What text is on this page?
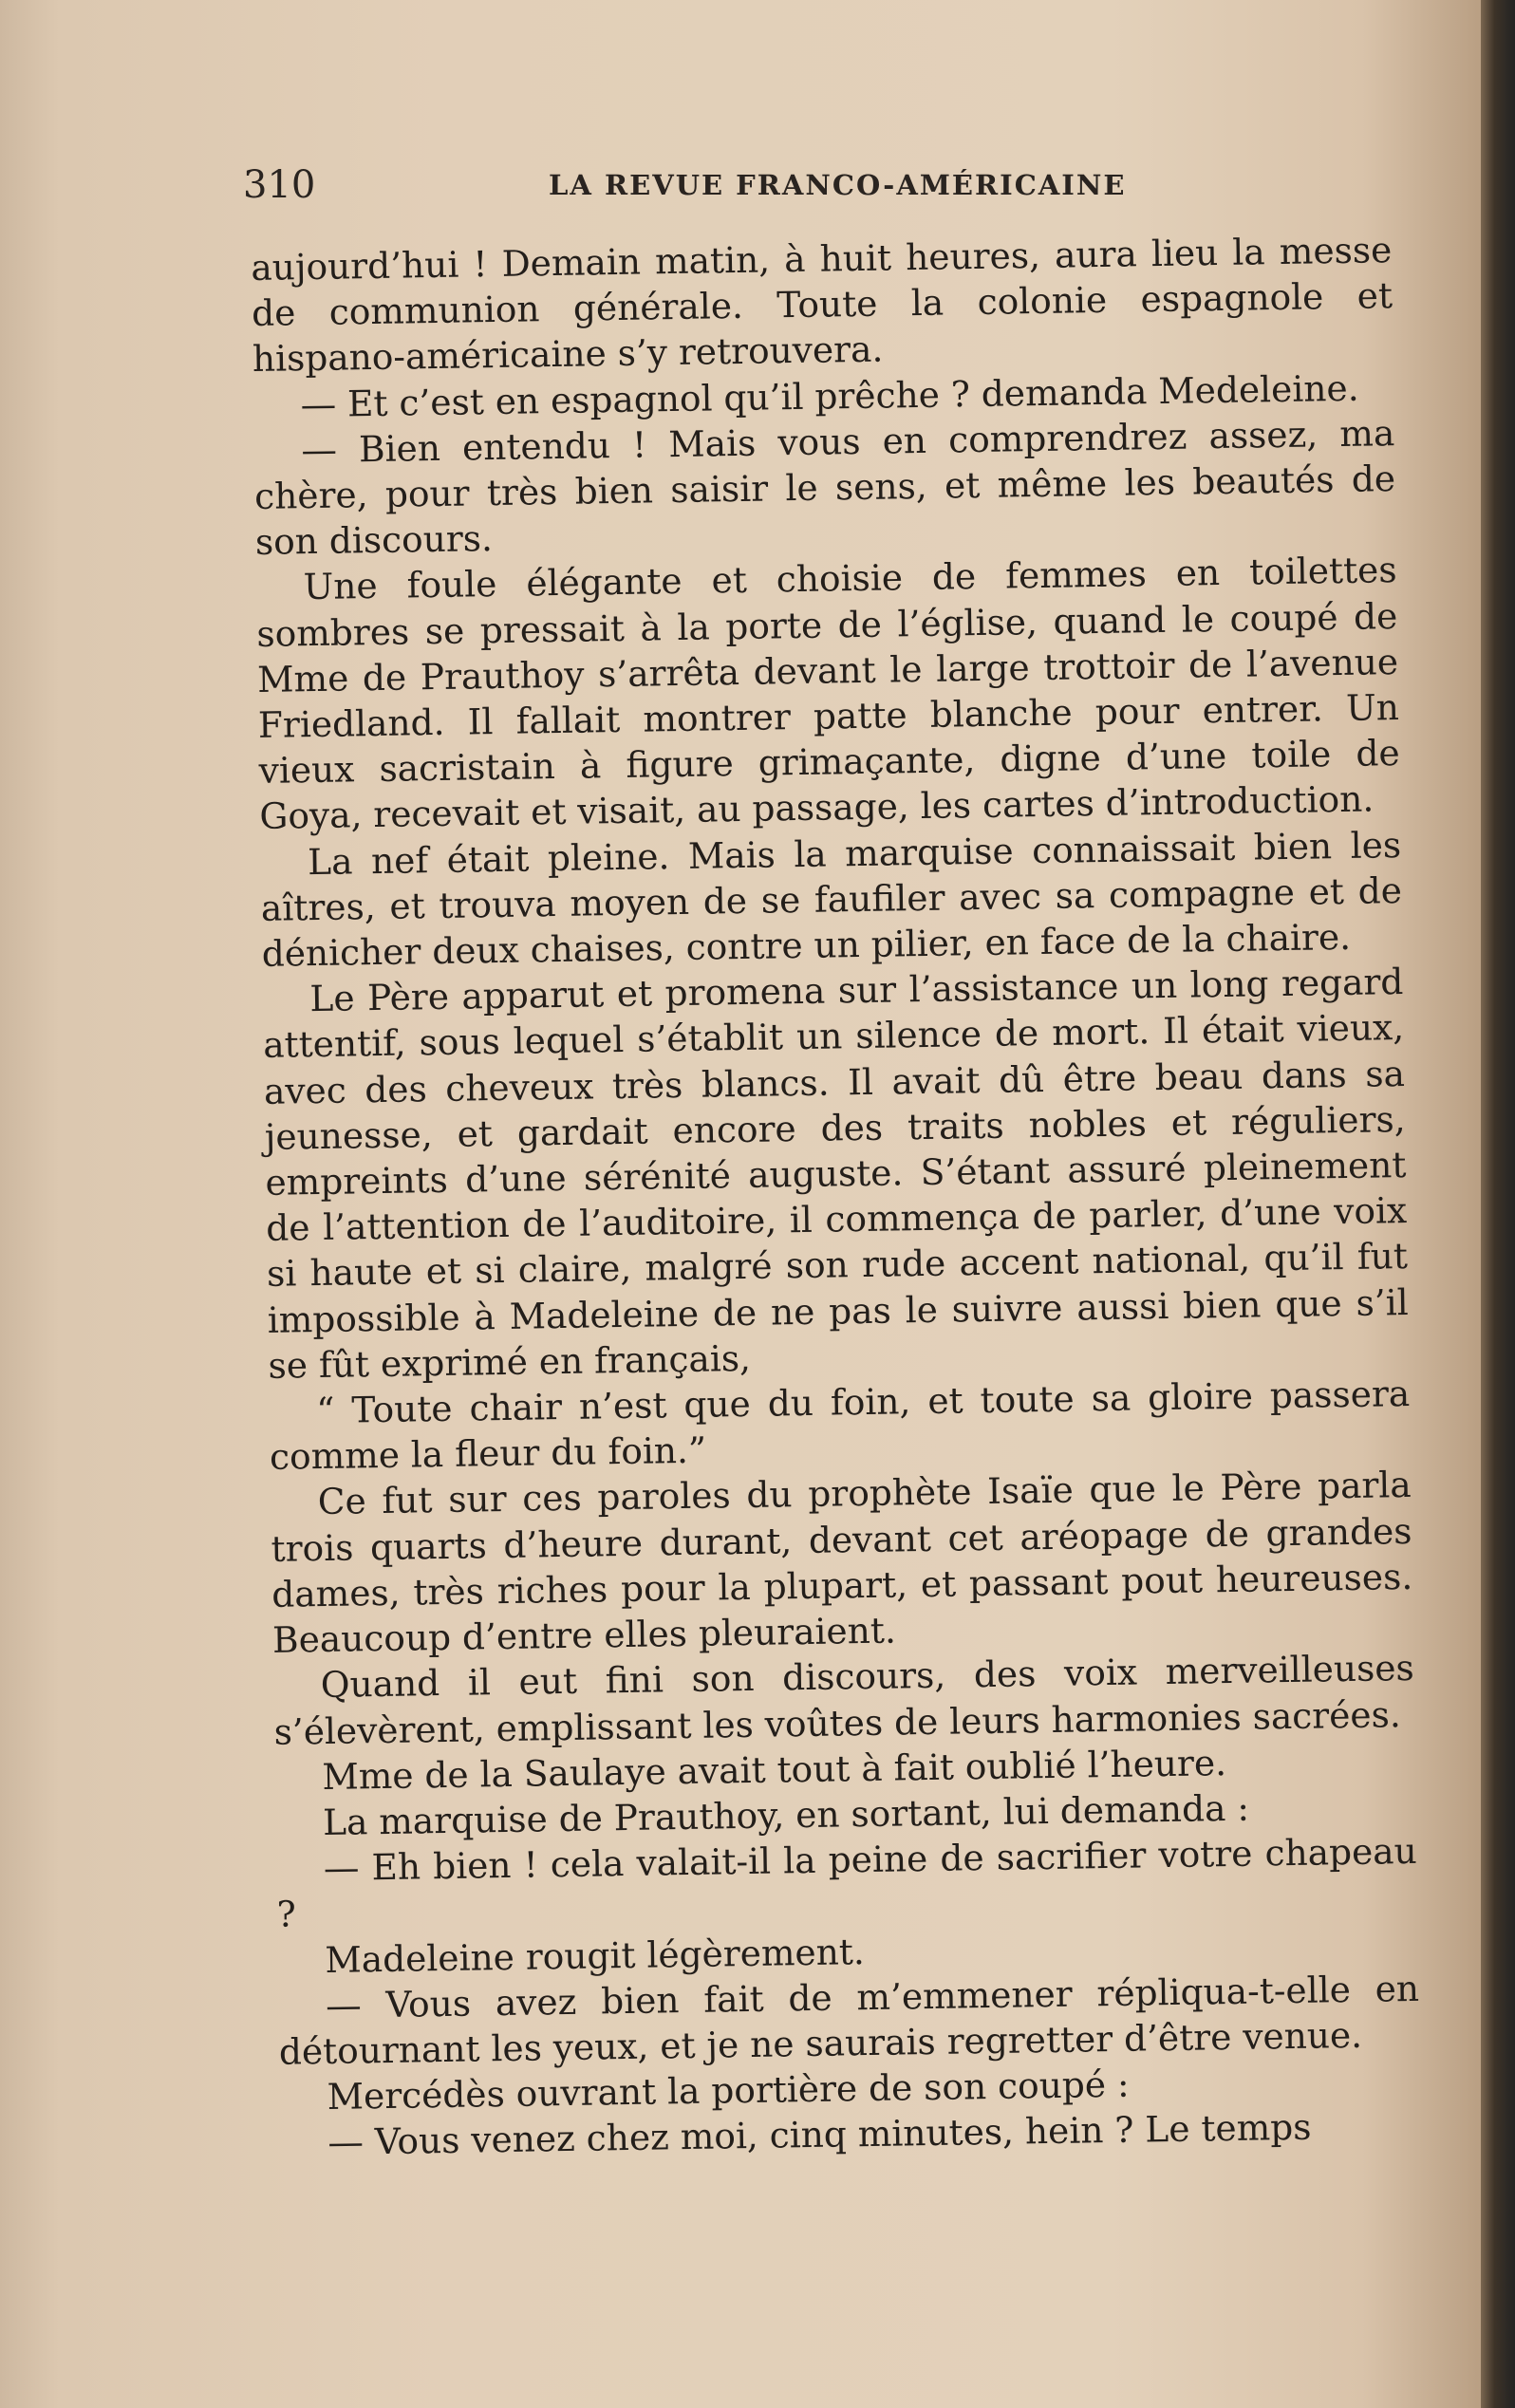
310	LA REVUE FRANCO-AMÉRICAINE

aujourd’hui ! Demain matin, à huit heures, aura lieu la messe de communion générale. Toute la colonie espagnole et hispano-américaine s’y retrouvera.

— Et c’est en espagnol qu’il prêche ? demanda Medeleine.

— Bien entendu ! Mais vous en comprendrez assez, ma chère, pour très bien saisir le sens, et même les beautés de son discours.

Une foule élégante et choisie de femmes en toilettes sombres se pressait à la porte de l’église, quand le coupé de Mme de Prauthoy s’arrêta devant le large trottoir de l’avenue Friedland. Il fallait montrer patte blanche pour entrer. Un vieux sacristain à figure grimaçante, digne d’une toile de Goya, recevait et visait, au passage, les cartes d’introduction.

La nef était pleine. Mais la marquise connaissait bien les aîtres, et trouva moyen de se faufiler avec sa compagne et de dénicher deux chaises, contre un pilier, en face de la chaire.

Le Père apparut et promena sur l’assistance un long regard attentif, sous lequel s’établit un silence de mort. Il était vieux, avec des cheveux très blancs. Il avait dû être beau dans sa jeunesse, et gardait encore des traits nobles et réguliers, empreints d’une sérénité auguste. S’étant assuré pleinement de l’attention de l’auditoire, il commença de parler, d’une voix si haute et si claire, malgré son rude accent national, qu’il fut impossible à Madeleine de ne pas le suivre aussi bien que s’il se fût exprimé en français,

“ Toute chair n’est que du foin, et toute sa gloire passera comme la fleur du foin.”

Ce fut sur ces paroles du prophète Isaïe que le Père parla trois quarts d’heure durant, devant cet aréopage de grandes dames, très riches pour la plupart, et passant pout heureuses. Beaucoup d’entre elles pleuraient.

Quand il eut fini son discours, des voix merveilleuses s’élevèrent, emplissant les voûtes de leurs harmonies sacrées.

Mme de la Saulaye avait tout à fait oublié l’heure.

La marquise de Prauthoy, en sortant, lui demanda :

— Eh bien ! cela valait-il la peine de sacrifier votre chapeau ?

Madeleine rougit légèrement.

— Vous avez bien fait de m’emmener répliqua-t-elle en détournant les yeux, et je ne saurais regretter d’être venue.

Mercédès ouvrant la portière de son coupé :

— Vous venez chez moi, cinq minutes, hein ? Le temps
